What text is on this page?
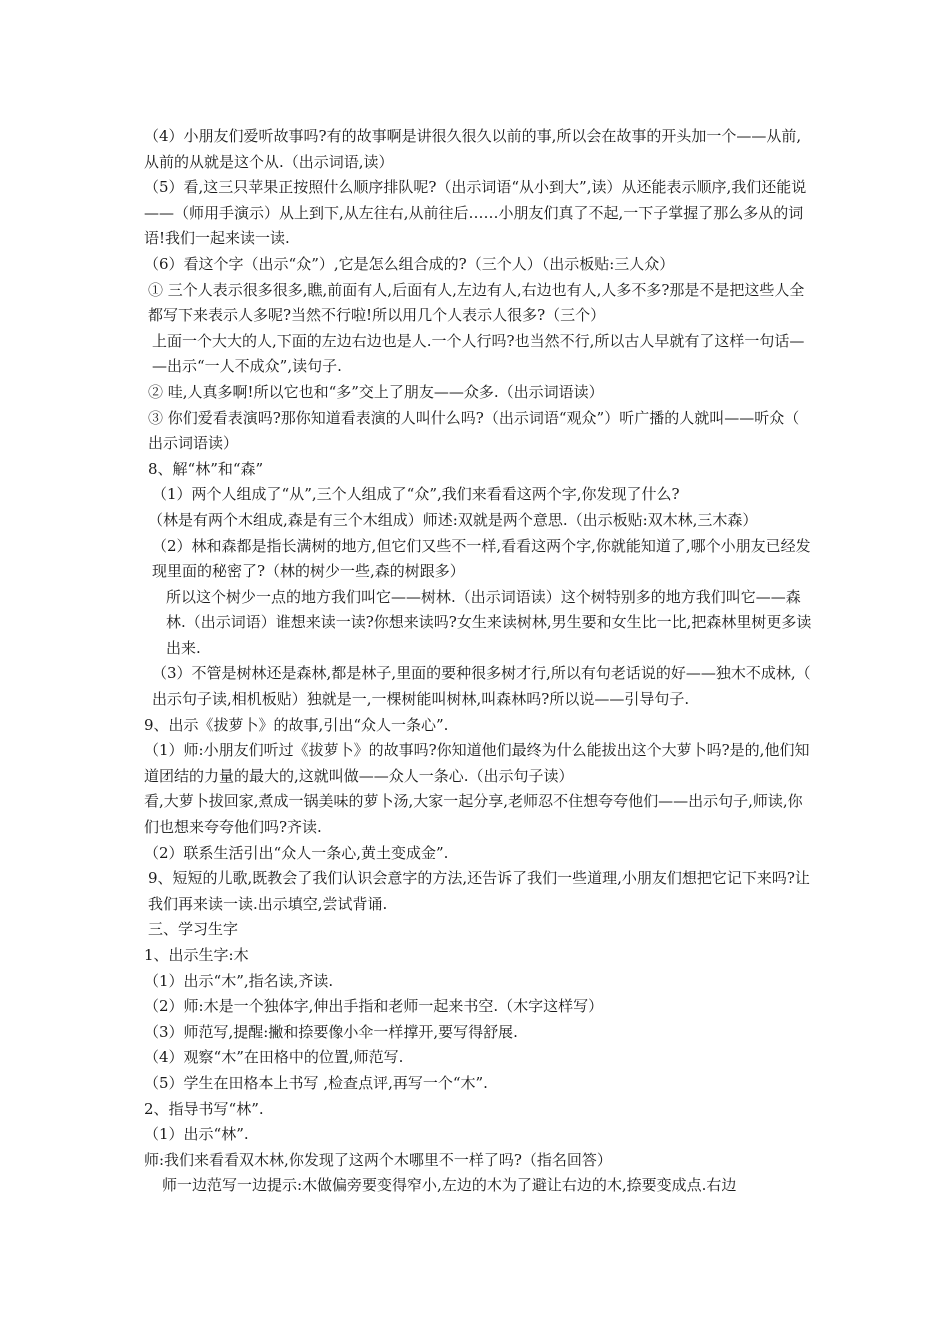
（4）小朋友们爱听故事吗?有的故事啊是讲很久很久以前的事,所以会在故事的开头加一个——从前,从前的从就是这个从.（出示词语,读）

（5）看,这三只苹果正按照什么顺序排队呢?（出示词语“从小到大”,读）从还能表示顺序,我们还能说——（师用手演示）从上到下,从左往右,从前往后……小朋友们真了不起,一下子掌握了那么多从的词语!我们一起来读一读.

（6）看这个字（出示“众”）,它是怎么组合成的?（三个人）（出示板贴:三人众）

① 三个人表示很多很多,瞧,前面有人,后面有人,左边有人,右边也有人,人多不多?那是不是把这些人全都写下来表示人多呢?当然不行啦!所以用几个人表示人很多?（三个）

上面一个大大的人,下面的左边右边也是人.一个人行吗?也当然不行,所以古人早就有了这样一句话——出示“一人不成众”,读句子.

② 哇,人真多啊!所以它也和“多”交上了朋友——众多.（出示词语读）

③ 你们爱看表演吗?那你知道看表演的人叫什么吗?（出示词语“观众”）听广播的人就叫——听众（出示词语读）

8、解“林”和“森”

（1）两个人组成了“从”,三个人组成了“众”,我们来看看这两个字,你发现了什么?

（林是有两个木组成,森是有三个木组成）师述:双就是两个意思.（出示板贴:双木林,三木森）

（2）林和森都是指长满树的地方,但它们又些不一样,看看这两个字,你就能知道了,哪个小朋友已经发现里面的秘密了?（林的树少一些,森的树跟多）

所以这个树少一点的地方我们叫它——树林.（出示词语读）这个树特别多的地方我们叫它——森林.（出示词语）谁想来读一读?你想来读吗?女生来读树林,男生要和女生比一比,把森林里树更多读出来.

（3）不管是树林还是森林,都是林子,里面的要种很多树才行,所以有句老话说的好——独木不成林,（出示句子读,相机板贴）独就是一,一棵树能叫树林,叫森林吗?所以说——引导句子.

9、出示《拔萝卜》的故事,引出“众人一条心”.

（1）师:小朋友们听过《拔萝卜》的故事吗?你知道他们最终为什么能拔出这个大萝卜吗?是的,他们知道团结的力量的最大的,这就叫做——众人一条心.（出示句子读）

看,大萝卜拔回家,煮成一锅美味的萝卜汤,大家一起分享,老师忍不住想夸夸他们——出示句子,师读,你们也想来夸夸他们吗?齐读.

（2）联系生活引出“众人一条心,黄土变成金”.

9、短短的儿歌,既教会了我们认识会意字的方法,还告诉了我们一些道理,小朋友们想把它记下来吗?让我们再来读一读.出示填空,尝试背诵.

三、学习生字

1、出示生字:木

（1）出示“木”,指名读,齐读.

（2）师:木是一个独体字,伸出手指和老师一起来书空.（木字这样写）

（3）师范写,提醒:撇和捺要像小伞一样撑开,要写得舒展.

（4）观察“木”在田格中的位置,师范写.

（5）学生在田格本上书写 ,检查点评,再写一个“木”.

2、指导书写“林”.

（1）出示“林”.

师:我们来看看双木林,你发现了这两个木哪里不一样了吗?（指名回答）

师一边范写一边提示:木做偏旁要变得窄小,左边的木为了避让右边的木,捺要变成点.右边
